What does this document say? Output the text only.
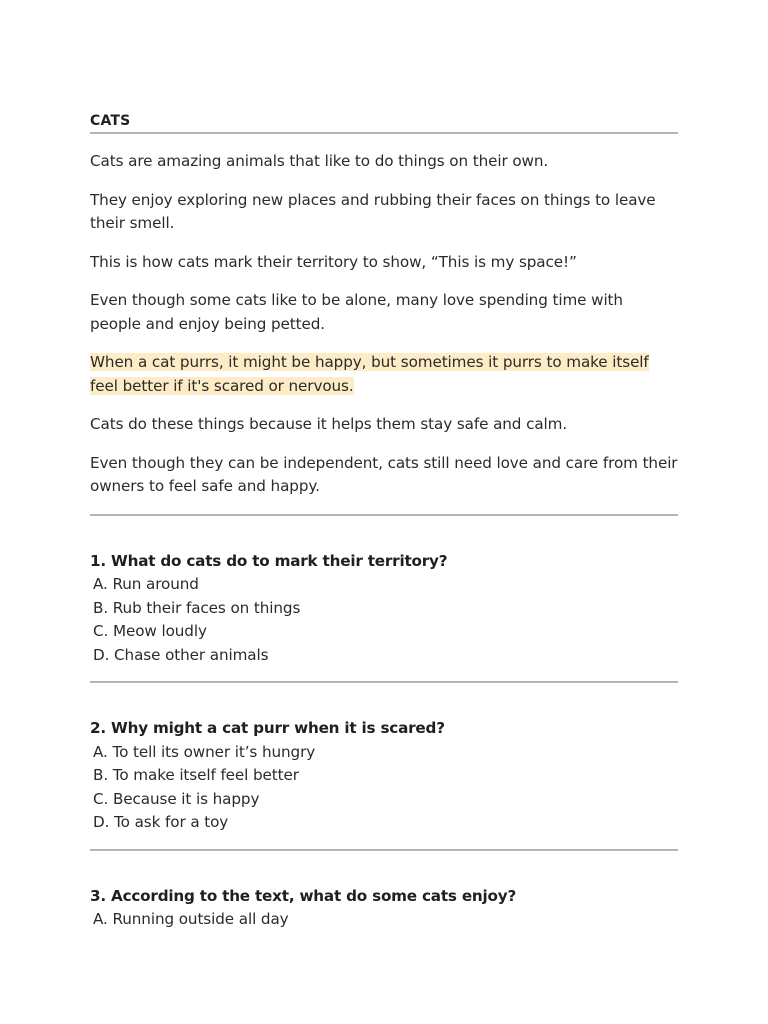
CATS

Cats are amazing animals that like to do things on their own.

They enjoy exploring new places and rubbing their faces on things to leave their smell.

This is how cats mark their territory to show, “This is my space!”

Even though some cats like to be alone, many love spending time with people and enjoy being petted.

When a cat purrs, it might be happy, but sometimes it purrs to make itself feel better if it's scared or nervous.

Cats do these things because it helps them stay safe and calm.

Even though they can be independent, cats still need love and care from their owners to feel safe and happy.

1. What do cats do to mark their territory?
A. Run around
B. Rub their faces on things
C. Meow loudly
D. Chase other animals
2. Why might a cat purr when it is scared?
A. To tell its owner it’s hungry
B. To make itself feel better
C. Because it is happy
D. To ask for a toy
3. According to the text, what do some cats enjoy?
A. Running outside all day
